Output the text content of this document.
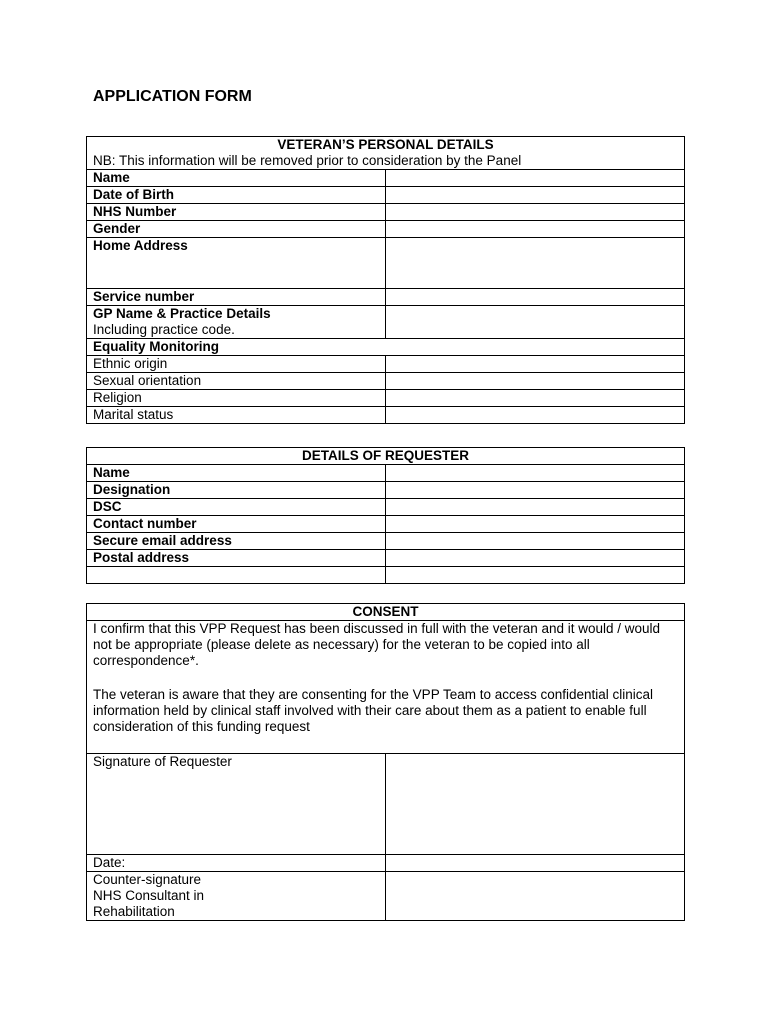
APPLICATION FORM
VETERAN’S PERSONAL DETAILS
NB: This information will be removed prior to consideration by the Panel	

Name	
Date of Birth	
NHS Number	
Gender	
Home Address	
Service number	

GP Name & Practice Details
Including practice code.	

Equality Monitoring	
Ethnic origin	
Sexual orientation	
Religion	
Marital status	
DETAILS OF REQUESTER	
Name	
Designation	
DSC	
Contact number	
Secure email address	
Postal address	

CONSENT	

I confirm that this VPP Request has been discussed in full with the veteran and it would / would not be appropriate (please delete as necessary) for the veteran to be copied into all correspondence*.

The veteran is aware that they are consenting for the VPP Team to access confidential clinical information held by clinical staff involved with their care about them as a patient to enable full consideration of this funding request	

Signature of Requester	
Date:	

Counter-signature
NHS Consultant in
Rehabilitation	
